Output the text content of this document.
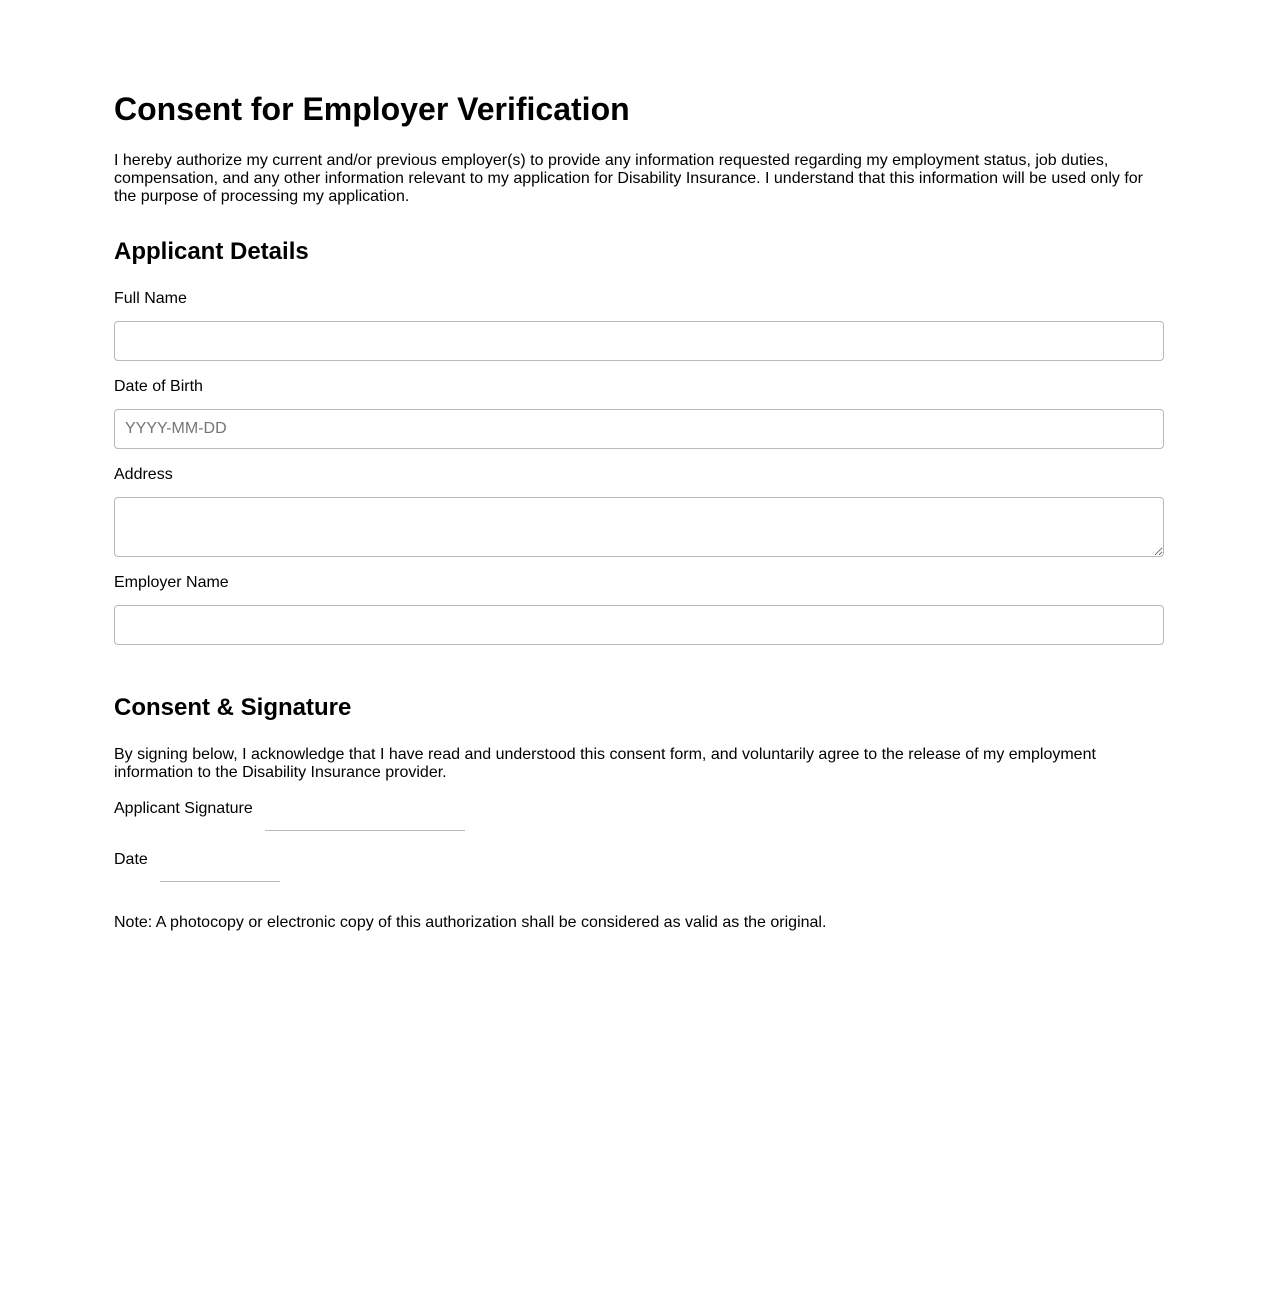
Consent for Employer Verification

I hereby authorize my current and/or previous employer(s) to provide any information requested regarding my employment status, job duties, compensation, and any other information relevant to my application for Disability Insurance. I understand that this information will be used only for the purpose of processing my application.

Applicant Details
Full Name
Date of Birth
YYYY-MM-DD
Address
Employer Name
Consent & Signature

By signing below, I acknowledge that I have read and understood this consent form, and voluntarily agree to the release of my employment information to the Disability Insurance provider.

Applicant Signature
Date

Note: A photocopy or electronic copy of this authorization shall be considered as valid as the original.
